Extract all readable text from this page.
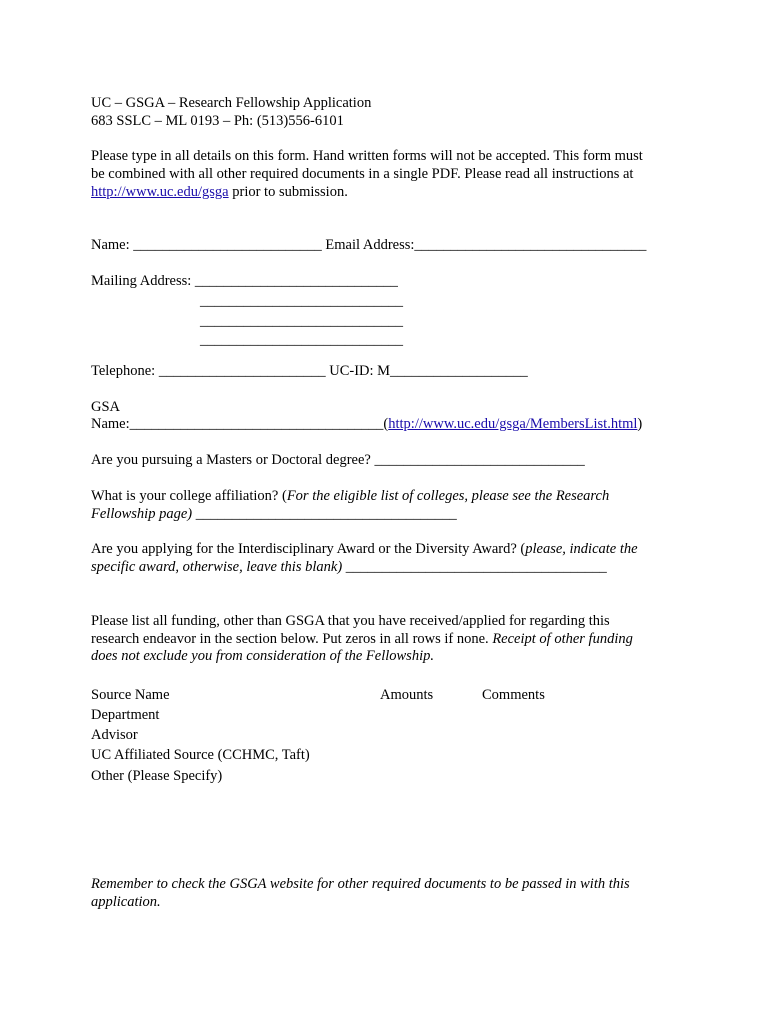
UC – GSGA – Research Fellowship Application
683 SSLC – ML 0193 – Ph: (513)556-6101
Please type in all details on this form. Hand written forms will not be accepted. This form must
be combined with all other required documents in a single PDF. Please read all instructions at
http://www.uc.edu/gsga prior to submission.
Name: __________________________ Email Address:________________________________
Mailing Address: ____________________________
____________________________
____________________________
____________________________
Telephone: _______________________ UC-ID: M___________________
GSA
Name:___________________________________(http://www.uc.edu/gsga/MembersList.html)
Are you pursuing a Masters or Doctoral degree? _____________________________
What is your college affiliation? (For the eligible list of colleges, please see the Research
Fellowship page) ____________________________________
Are you applying for the Interdisciplinary Award or the Diversity Award? (please, indicate the
specific award, otherwise, leave this blank) ____________________________________
Please list all funding, other than GSGA that you have received/applied for regarding this
research endeavor in the section below. Put zeros in all rows if none. Receipt of other funding
does not exclude you from consideration of the Fellowship.
Source Name	Amounts	Comments
Department
Advisor
UC Affiliated Source (CCHMC, Taft)
Other (Please Specify)
Remember to check the GSGA website for other required documents to be passed in with this
application.
